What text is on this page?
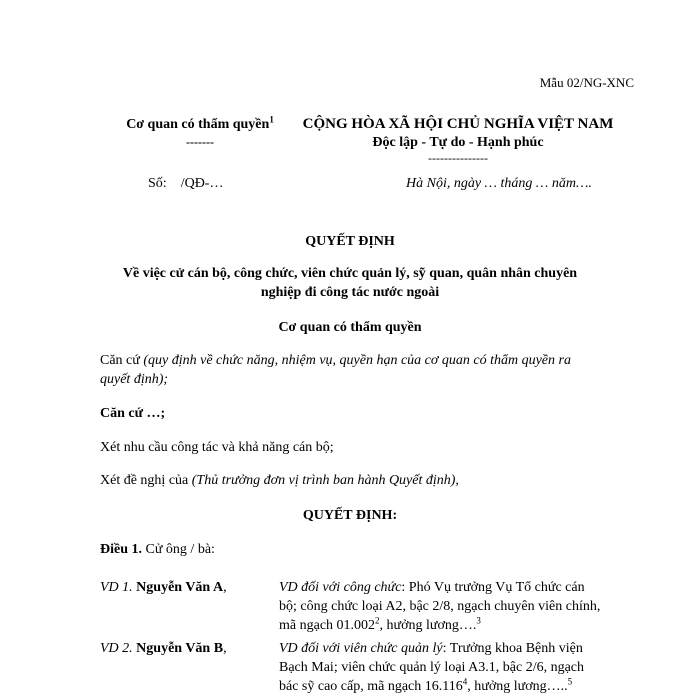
Mẫu 02/NG-XNC
Cơ quan có thẩm quyền$^1$
-------
CỘNG HÒA XÃ HỘI CHỦ NGHĨA VIỆT NAM
Độc lập - Tự do - Hạnh phúc
---------------
Số: /QĐ-…	Hà Nội, ngày … tháng … năm….
QUYẾT ĐỊNH
Về việc cử cán bộ, công chức, viên chức quản lý, sỹ quan, quân nhân chuyên
nghiệp đi công tác nước ngoài
Cơ quan có thẩm quyền
Căn cứ (quy định về chức năng, nhiệm vụ, quyền hạn của cơ quan có thẩm quyền ra
quyết định);
Căn cứ …;
Xét nhu cầu công tác và khả năng cán bộ;
Xét đề nghị của (Thủ trưởng đơn vị trình ban hành Quyết định),
QUYẾT ĐỊNH:
Điều 1. Cử ông / bà:
VD 1. Nguyễn Văn A,	VD đối với công chức: Phó Vụ trưởng Vụ Tổ chức cán
bộ; công chức loại A2, bậc 2/8, ngạch chuyên viên chính,
mã ngạch 01.002$^2$, hưởng lương….$^3$
VD 2. Nguyễn Văn B,	VD đối với viên chức quản lý: Trưởng khoa Bệnh viện
Bạch Mai; viên chức quản lý loại A3.1, bậc 2/6, ngạch
bác sỹ cao cấp, mã ngạch 16.116$^4$, hưởng lương…..$^5$
